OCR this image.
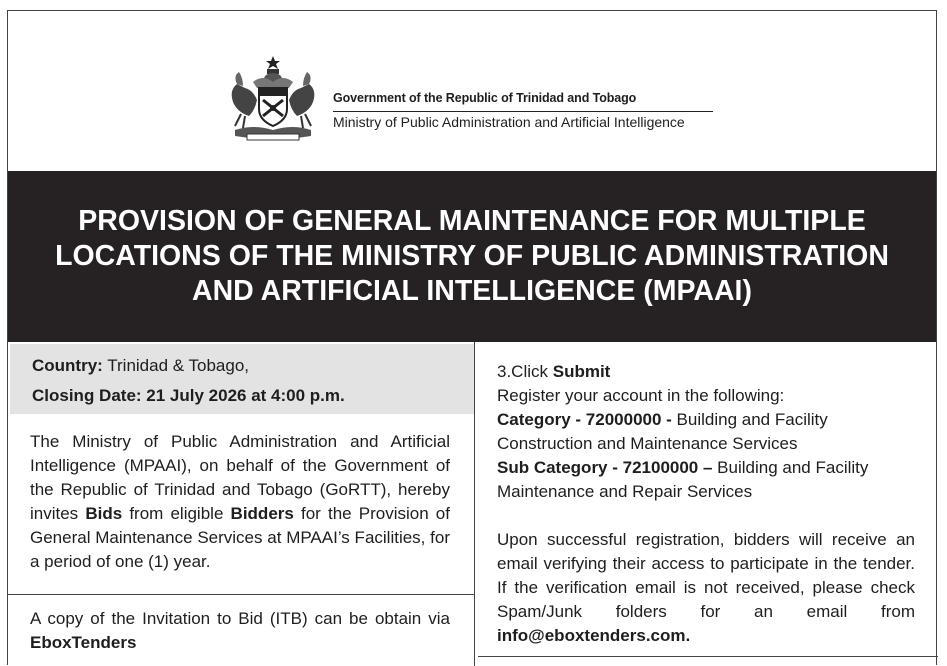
Government of the Republic of Trinidad and Tobago
Ministry of Public Administration and Artificial Intelligence
PROVISION OF GENERAL MAINTENANCE FOR MULTIPLE
LOCATIONS OF THE MINISTRY OF PUBLIC ADMINISTRATION
AND ARTIFICIAL INTELLIGENCE (MPAAI)
Country: Trinidad & Tobago,
Closing Date: 21 July 2026 at 4:00 p.m.
The Ministry of Public Administration and Artificial Intelligence (MPAAI), on behalf of the Government of the Republic of Trinidad and Tobago (GoRTT), hereby invites Bids from eligible Bidders for the Provision of General Maintenance Services at MPAAI’s Facilities, for a period of one (1) year.
A copy of the Invitation to Bid (ITB) can be obtain via EboxTenders

3.Click Submit

Register your account in the following:

Category - 72000000 - Building and Facility Construction and Maintenance Services

Sub Category - 72100000 – Building and Facility Maintenance and Repair Services

Upon successful registration, bidders will receive an email verifying their access to participate in the tender. If the verification email is not received, please check Spam/Junk folders for an email from info@eboxtenders.com.
